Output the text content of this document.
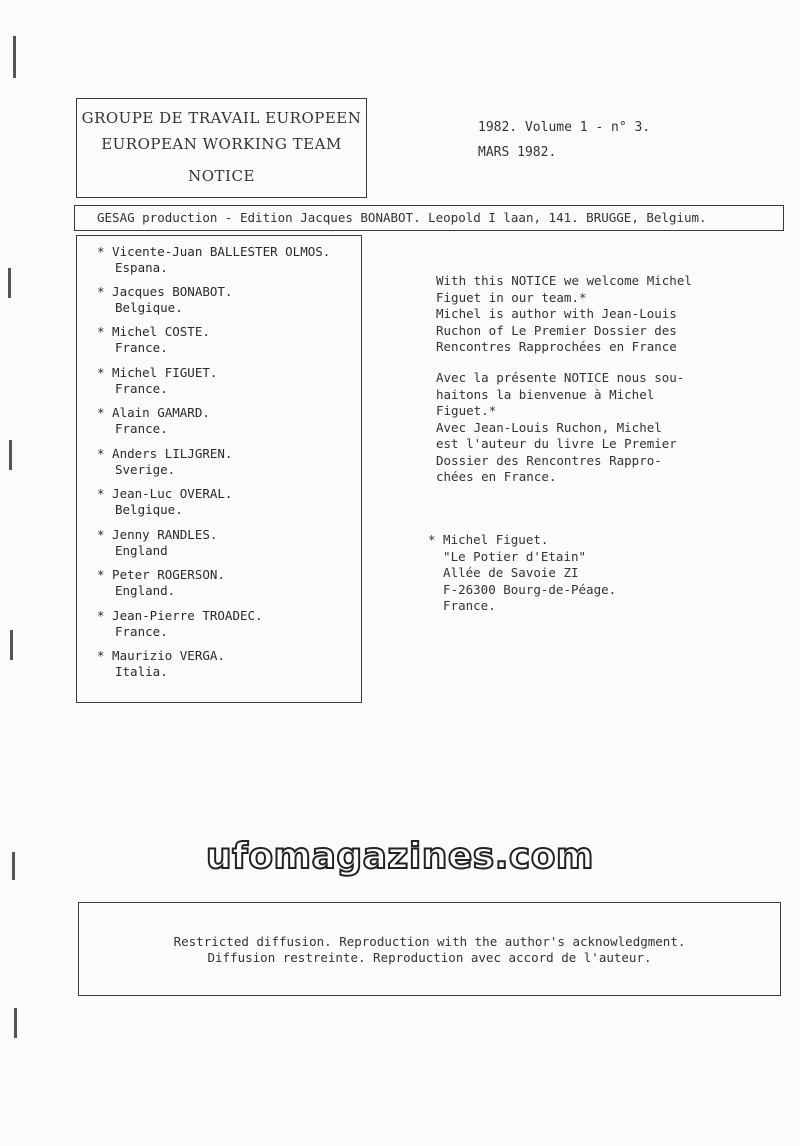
GROUPE DE TRAVAIL EUROPEEN
EUROPEAN WORKING TEAM
NOTICE
1982. Volume 1 - n° 3.
MARS 1982.
GESAG production - Edition Jacques BONABOT. Leopold I laan, 141. BRUGGE, Belgium.
* Vicente-Juan BALLESTER OLMOS.
Espana.
* Jacques BONABOT.
Belgique.
* Michel COSTE.
France.
* Michel FIGUET.
France.
* Alain GAMARD.
France.
* Anders LILJGREN.
Sverige.
* Jean-Luc OVERAL.
Belgique.
* Jenny RANDLES.
England
* Peter ROGERSON.
England.
* Jean-Pierre TROADEC.
France.
* Maurizio VERGA.
Italia.
With this NOTICE we welcome Michel
Figuet in our team.*
Michel is author with Jean-Louis
Ruchon of Le Premier Dossier des
Rencontres Rapprochées en France
Avec la présente NOTICE nous sou-
haitons la bienvenue à Michel
Figuet.*
Avec Jean-Louis Ruchon, Michel
est l'auteur du livre Le Premier
Dossier des Rencontres Rappro-
chées en France.
* Michel Figuet.
"Le Potier d'Etain"
Allée de Savoie ZI
F-26300 Bourg-de-Péage.
France.
ufomagazines.com
Restricted diffusion. Reproduction with the author's acknowledgment.
Diffusion restreinte. Reproduction avec accord de l'auteur.
